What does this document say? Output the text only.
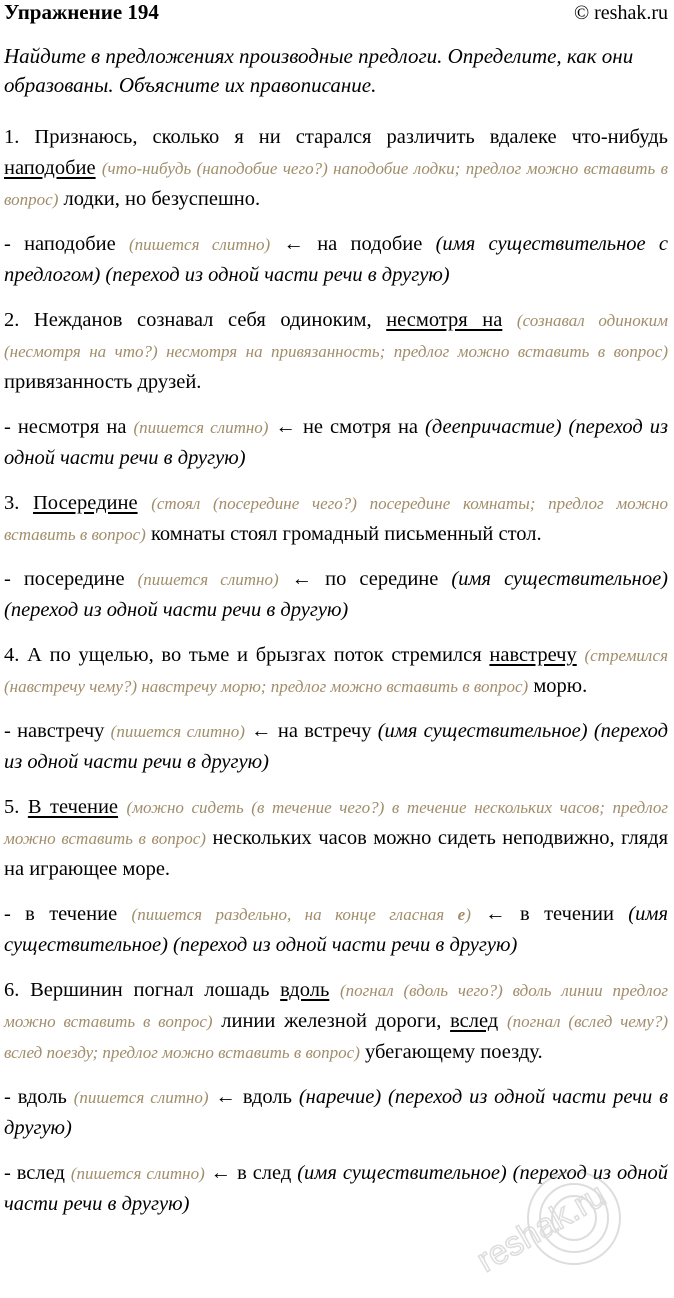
Упражнение 194	© reshak.ru
Найдите в предложениях производные предлоги. Определите, как они образованы. Объясните их правописание.

1. Признаюсь, сколько я ни старался различить вдалеке что-нибудь наподобие (что-нибудь (наподобие чего?) наподобие лодки; предлог можно вставить в вопрос) лодки, но безуспешно.

- наподобие (пишется слитно) ← на подобие (имя существительное с предлогом) (переход из одной части речи в другую)

2. Нежданов сознавал себя одиноким, несмотря на (сознавал одиноким (несмотря на что?) несмотря на привязанность; предлог можно вставить в вопрос) привязанность друзей.

- несмотря на (пишется слитно) ← не смотря на (деепричастие) (переход из одной части речи в другую)

3. Посередине (стоял (посередине чего?) посередине комнаты; предлог можно вставить в вопрос) комнаты стоял громадный письменный стол.

- посередине (пишется слитно) ← по середине (имя существительное) (переход из одной части речи в другую)

4. А по ущелью, во тьме и брызгах поток стремился навстречу (стремился (навстречу чему?) навстречу морю; предлог можно вставить в вопрос) морю.

- навстречу (пишется слитно) ← на встречу (имя существительное) (переход из одной части речи в другую)

5. В течение (можно сидеть (в течение чего?) в течение нескольких часов; предлог можно вставить в вопрос) нескольких часов можно сидеть неподвижно, глядя на играющее море.

- в течение (пишется раздельно, на конце гласная е) ← в течении (имя существительное) (переход из одной части речи в другую)

6. Вершинин погнал лошадь вдоль (погнал (вдоль чего?) вдоль линии предлог можно вставить в вопрос) линии железной дороги, вслед (погнал (вслед чему?) вслед поезду; предлог можно вставить в вопрос) убегающему поезду.

- вдоль (пишется слитно) ← вдоль (наречие) (переход из одной части речи в другую)

- вслед (пишется слитно) ← в след (имя существительное) (переход из одной части речи в другую)	reshak.ru
